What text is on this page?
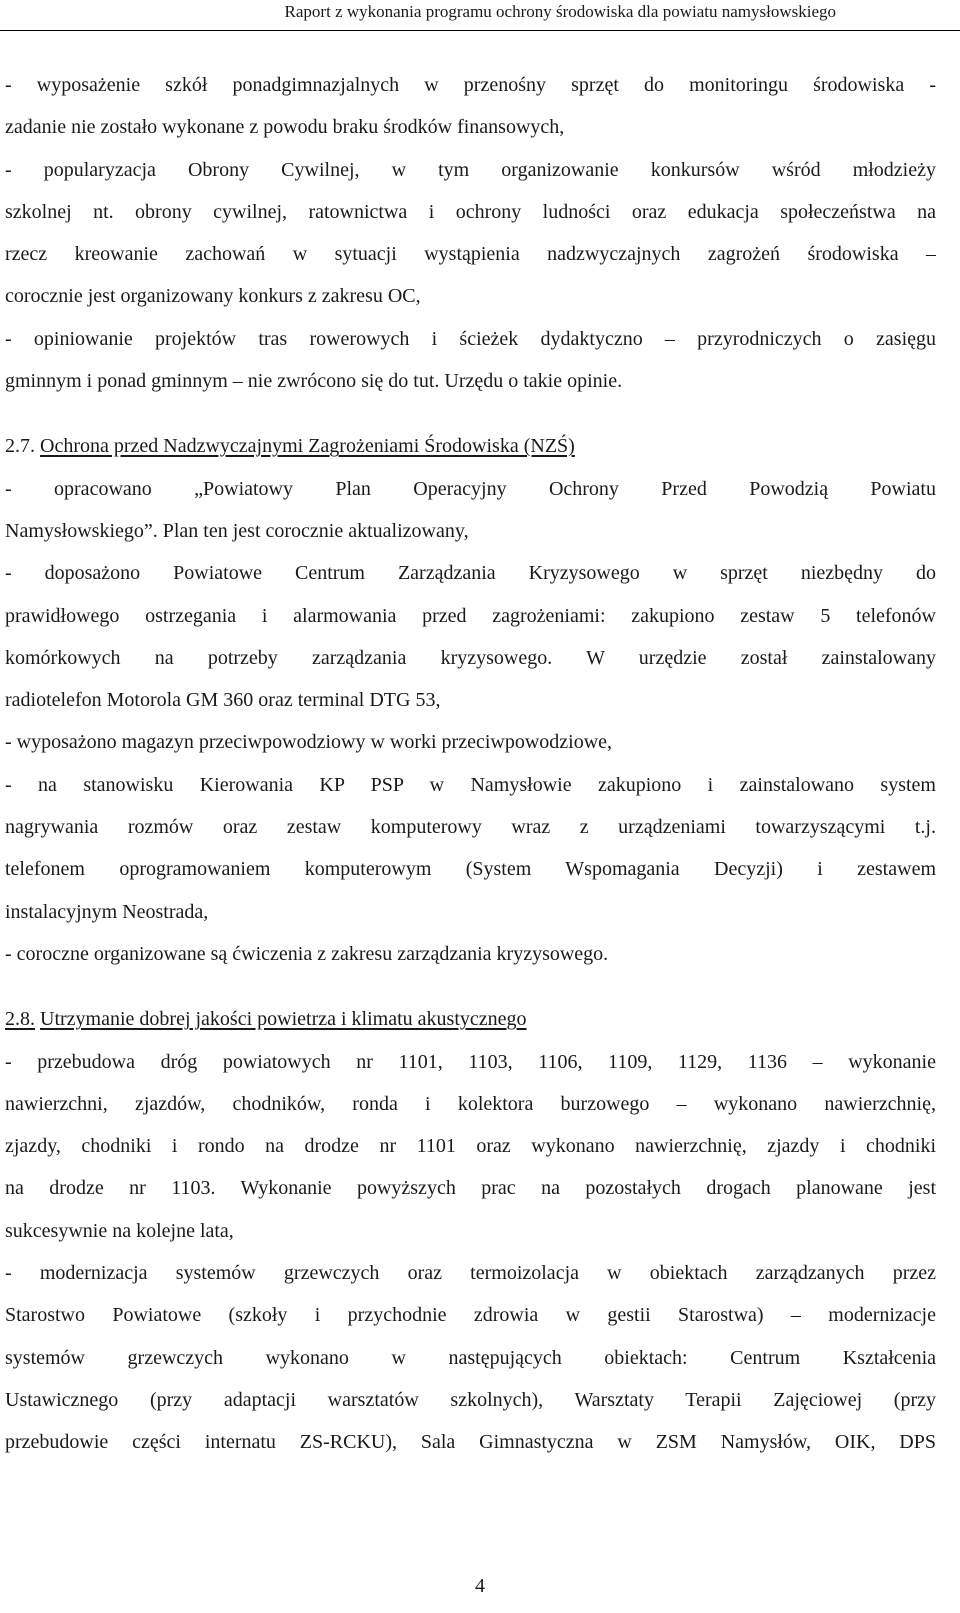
Raport z wykonania programu ochrony środowiska dla powiatu namysłowskiego
- wyposażenie szkół ponadgimnazjalnych w przenośny sprzęt do monitoringu środowiska -
zadanie nie zostało wykonane z powodu braku środków finansowych,
- popularyzacja Obrony Cywilnej, w tym organizowanie konkursów wśród młodzieży
szkolnej nt. obrony cywilnej, ratownictwa i ochrony ludności oraz edukacja społeczeństwa na
rzecz kreowanie zachowań w sytuacji wystąpienia nadzwyczajnych zagrożeń środowiska –
corocznie jest organizowany konkurs z zakresu OC,
- opiniowanie projektów tras rowerowych i ścieżek dydaktyczno – przyrodniczych o zasięgu
gminnym i ponad gminnym – nie zwrócono się do tut. Urzędu o takie opinie.
2.7. Ochrona przed Nadzwyczajnymi Zagrożeniami Środowiska (NZŚ)
- opracowano „Powiatowy Plan Operacyjny Ochrony Przed Powodzią Powiatu
Namysłowskiego”. Plan ten jest corocznie aktualizowany,
- doposażono Powiatowe Centrum Zarządzania Kryzysowego w sprzęt niezbędny do
prawidłowego ostrzegania i alarmowania przed zagrożeniami: zakupiono zestaw 5 telefonów
komórkowych na potrzeby zarządzania kryzysowego. W urzędzie został zainstalowany
radiotelefon Motorola GM 360 oraz terminal DTG 53,
- wyposażono magazyn przeciwpowodziowy w worki przeciwpowodziowe,
- na stanowisku Kierowania KP PSP w Namysłowie zakupiono i zainstalowano system
nagrywania rozmów oraz zestaw komputerowy wraz z urządzeniami towarzyszącymi t.j.
telefonem oprogramowaniem komputerowym (System Wspomagania Decyzji) i zestawem
instalacyjnym Neostrada,
- coroczne organizowane są ćwiczenia z zakresu zarządzania kryzysowego.
2.8. Utrzymanie dobrej jakości powietrza i klimatu akustycznego
- przebudowa dróg powiatowych nr 1101, 1103, 1106, 1109, 1129, 1136 – wykonanie
nawierzchni, zjazdów, chodników, ronda i kolektora burzowego – wykonano nawierzchnię,
zjazdy, chodniki i rondo na drodze nr 1101 oraz wykonano nawierzchnię, zjazdy i chodniki
na drodze nr 1103. Wykonanie powyższych prac na pozostałych drogach planowane jest
sukcesywnie na kolejne lata,
- modernizacja systemów grzewczych oraz termoizolacja w obiektach zarządzanych przez
Starostwo Powiatowe (szkoły i przychodnie zdrowia w gestii Starostwa) – modernizacje
systemów grzewczych wykonano w następujących obiektach: Centrum Kształcenia
Ustawicznego (przy adaptacji warsztatów szkolnych), Warsztaty Terapii Zajęciowej (przy
przebudowie części internatu ZS-RCKU), Sala Gimnastyczna w ZSM Namysłów, OIK, DPS
4
